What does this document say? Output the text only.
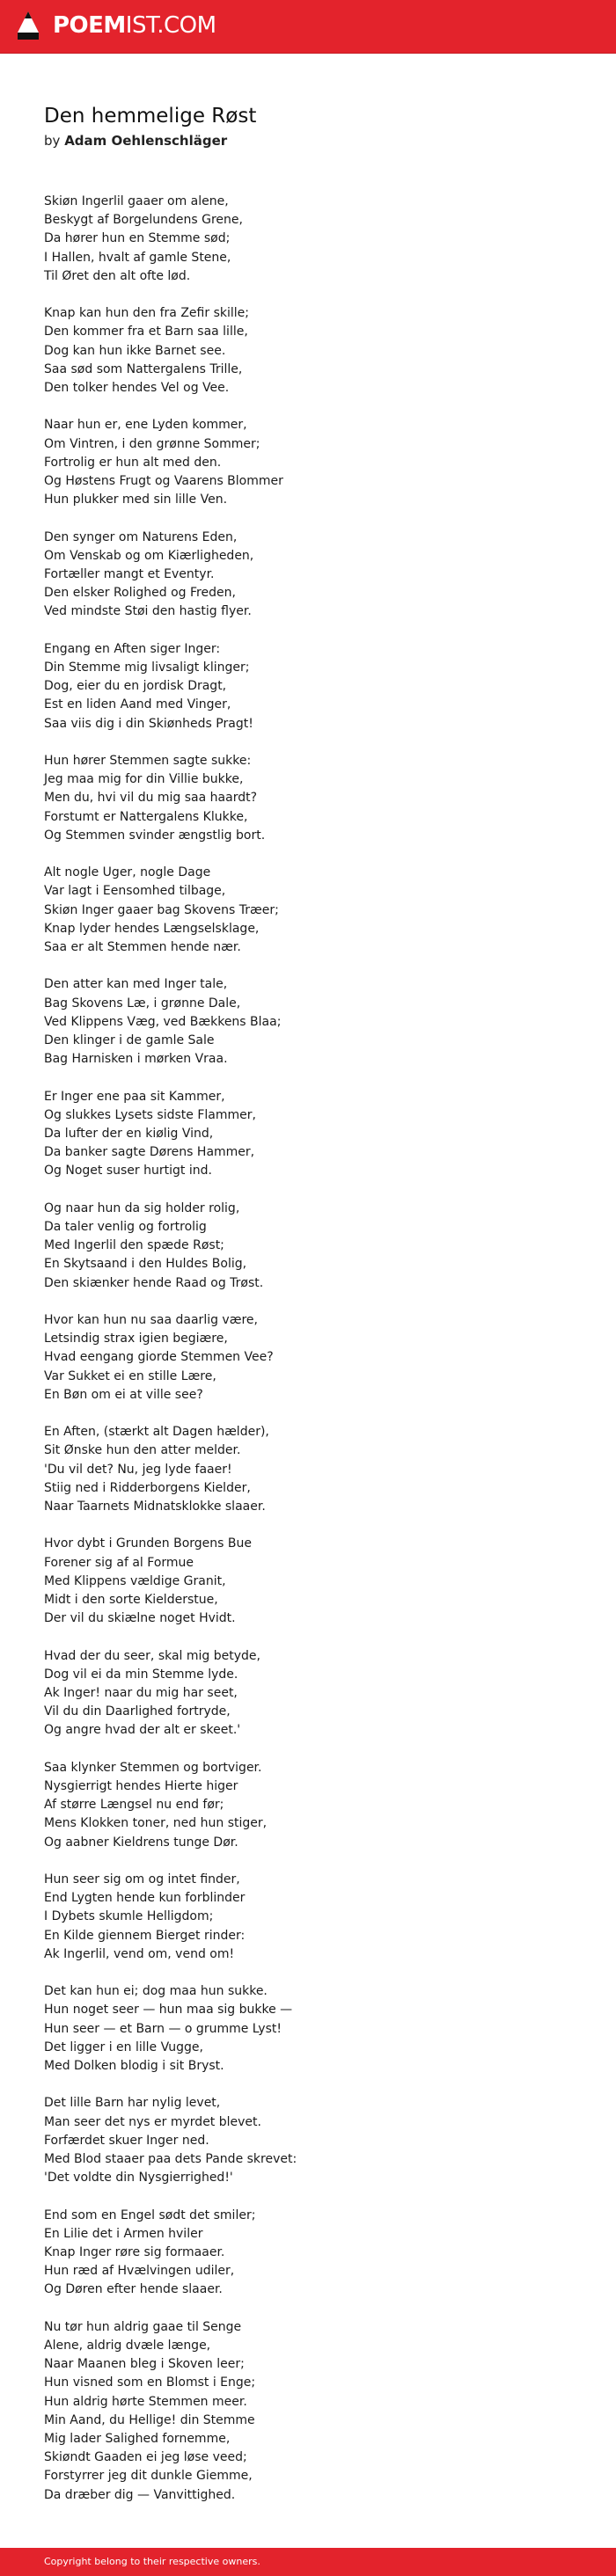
POEMIST.COM
Den hemmelige Røst
by Adam Oehlenschläger
Skiøn Ingerlil gaaer om alene,
Beskygt af Borgelundens Grene,
Da hører hun en Stemme sød;
I Hallen, hvalt af gamle Stene,
Til Øret den alt ofte lød.
Knap kan hun den fra Zefir skille;
Den kommer fra et Barn saa lille,
Dog kan hun ikke Barnet see.
Saa sød som Nattergalens Trille,
Den tolker hendes Vel og Vee.
Naar hun er, ene Lyden kommer,
Om Vintren, i den grønne Sommer;
Fortrolig er hun alt med den.
Og Høstens Frugt og Vaarens Blommer
Hun plukker med sin lille Ven.
Den synger om Naturens Eden,
Om Venskab og om Kiærligheden,
Fortæller mangt et Eventyr.
Den elsker Rolighed og Freden,
Ved mindste Støi den hastig flyer.
Engang en Aften siger Inger:
Din Stemme mig livsaligt klinger;
Dog, eier du en jordisk Dragt,
Est en liden Aand med Vinger,
Saa viis dig i din Skiønheds Pragt!
Hun hører Stemmen sagte sukke:
Jeg maa mig for din Villie bukke,
Men du, hvi vil du mig saa haardt?
Forstumt er Nattergalens Klukke,
Og Stemmen svinder ængstlig bort.
Alt nogle Uger, nogle Dage
Var lagt i Eensomhed tilbage,
Skiøn Inger gaaer bag Skovens Træer;
Knap lyder hendes Længselsklage,
Saa er alt Stemmen hende nær.
Den atter kan med Inger tale,
Bag Skovens Læ, i grønne Dale,
Ved Klippens Væg, ved Bækkens Blaa;
Den klinger i de gamle Sale
Bag Harnisken i mørken Vraa.
Er Inger ene paa sit Kammer,
Og slukkes Lysets sidste Flammer,
Da lufter der en kiølig Vind,
Da banker sagte Dørens Hammer,
Og Noget suser hurtigt ind.
Og naar hun da sig holder rolig,
Da taler venlig og fortrolig
Med Ingerlil den spæde Røst;
En Skytsaand i den Huldes Bolig,
Den skiænker hende Raad og Trøst.
Hvor kan hun nu saa daarlig være,
Letsindig strax igien begiære,
Hvad eengang giorde Stemmen Vee?
Var Sukket ei en stille Lære,
En Bøn om ei at ville see?
En Aften, (stærkt alt Dagen hælder),
Sit Ønske hun den atter melder.
'Du vil det? Nu, jeg lyde faaer!
Stiig ned i Ridderborgens Kielder,
Naar Taarnets Midnatsklokke slaaer.
Hvor dybt i Grunden Borgens Bue
Forener sig af al Formue
Med Klippens vældige Granit,
Midt i den sorte Kielderstue,
Der vil du skiælne noget Hvidt.
Hvad der du seer, skal mig betyde,
Dog vil ei da min Stemme lyde.
Ak Inger! naar du mig har seet,
Vil du din Daarlighed fortryde,
Og angre hvad der alt er skeet.'
Saa klynker Stemmen og bortviger.
Nysgierrigt hendes Hierte higer
Af større Længsel nu end før;
Mens Klokken toner, ned hun stiger,
Og aabner Kieldrens tunge Dør.
Hun seer sig om og intet finder,
End Lygten hende kun forblinder
I Dybets skumle Helligdom;
En Kilde giennem Bierget rinder:
Ak Ingerlil, vend om, vend om!
Det kan hun ei; dog maa hun sukke.
Hun noget seer — hun maa sig bukke —
Hun seer — et Barn — o grumme Lyst!
Det ligger i en lille Vugge,
Med Dolken blodig i sit Bryst.
Det lille Barn har nylig levet,
Man seer det nys er myrdet blevet.
Forfærdet skuer Inger ned.
Med Blod staaer paa dets Pande skrevet:
'Det voldte din Nysgierrighed!'
End som en Engel sødt det smiler;
En Lilie det i Armen hviler
Knap Inger røre sig formaaer.
Hun ræd af Hvælvingen udiler,
Og Døren efter hende slaaer.
Nu tør hun aldrig gaae til Senge
Alene, aldrig dvæle længe,
Naar Maanen bleg i Skoven leer;
Hun visned som en Blomst i Enge;
Hun aldrig hørte Stemmen meer.
Min Aand, du Hellige! din Stemme
Mig lader Salighed fornemme,
Skiøndt Gaaden ei jeg løse veed;
Forstyrrer jeg dit dunkle Giemme,
Da dræber dig — Vanvittighed.
Copyright belong to their respective owners.
